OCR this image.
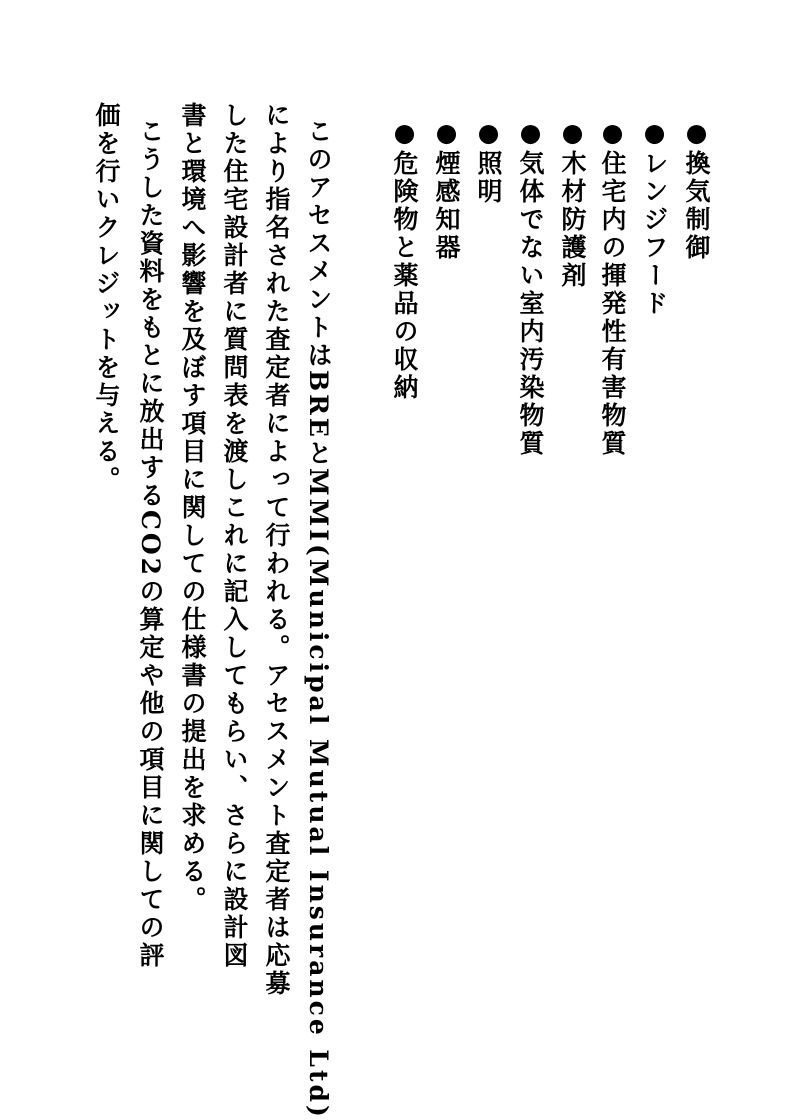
●換気制御
●レンジフード
●住宅内の揮発性有害物質
●木材防護剤
●気体でない室内汚染物質
●照明
●煙感知器
●危険物と薬品の収納
このアセスメントはBREとMMI(Municipal Mutual Insurance Ltd)
により指名された査定者によって行われる。アセスメント査定者は応募
した住宅設計者に質問表を渡しこれに記入してもらい、さらに設計図
書と環境へ影響を及ぼす項目に関しての仕様書の提出を求める。
こうした資料をもとに放出するCO2の算定や他の項目に関しての評
価を行いクレジットを与える。
